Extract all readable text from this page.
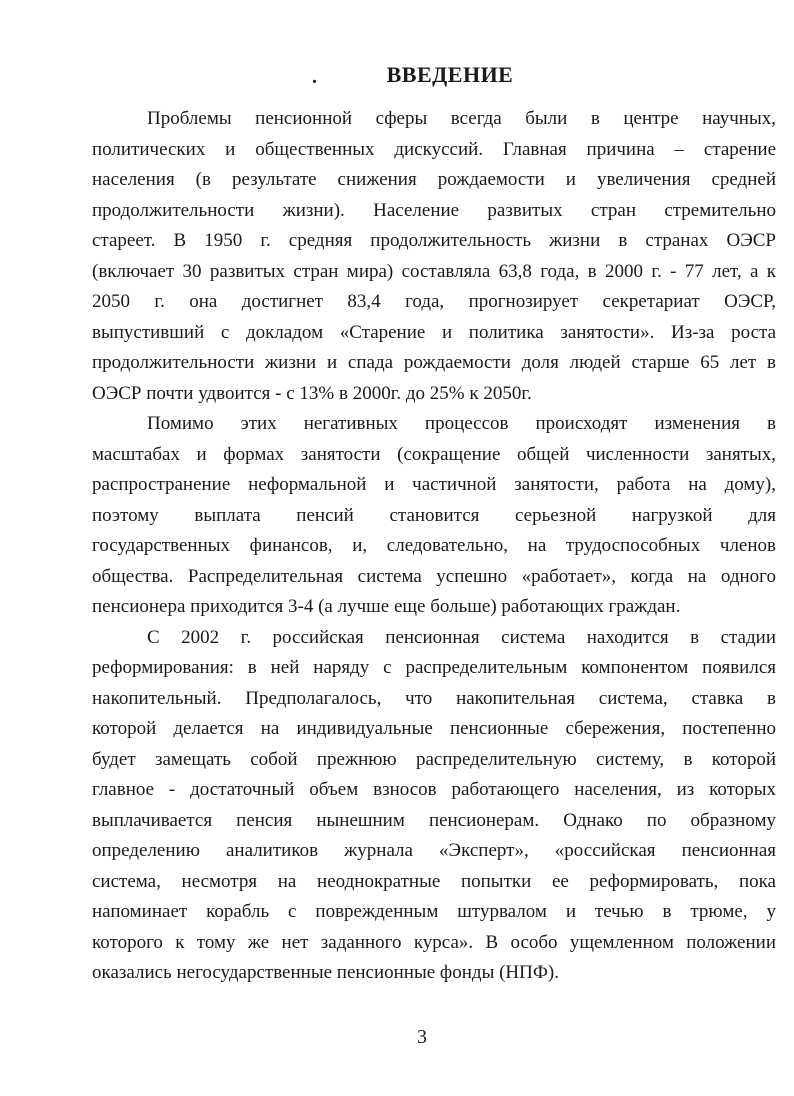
.	ВВЕДЕНИЕ
Проблемы пенсионной сферы всегда были в центре научных,
политических и общественных дискуссий. Главная причина – старение
населения (в результате снижения рождаемости и увеличения средней
продолжительности жизни). Население развитых стран стремительно
стареет. В 1950 г. средняя продолжительность жизни в странах ОЭСР
(включает 30 развитых стран мира) составляла 63,8 года, в 2000 г. - 77 лет, а к
2050 г. она достигнет 83,4 года, прогнозирует секретариат ОЭСР,
выпустивший с докладом «Старение и политика занятости». Из-за роста
продолжительности жизни и спада рождаемости доля людей старше 65 лет в
ОЭСР почти удвоится - с 13% в 2000г. до 25% к 2050г.
Помимо этих негативных процессов происходят изменения в
масштабах и формах занятости (сокращение общей численности занятых,
распространение неформальной и частичной занятости, работа на дому),
поэтому выплата пенсий становится серьезной нагрузкой для
государственных финансов, и, следовательно, на трудоспособных членов
общества. Распределительная система успешно «работает», когда на одного
пенсионера приходится 3-4 (а лучше еще больше) работающих граждан.
С 2002 г. российская пенсионная система находится в стадии
реформирования: в ней наряду с распределительным компонентом появился
накопительный. Предполагалось, что накопительная система, ставка в
которой делается на индивидуальные пенсионные сбережения, постепенно
будет замещать собой прежнюю распределительную систему, в которой
главное - достаточный объем взносов работающего населения, из которых
выплачивается пенсия нынешним пенсионерам. Однако по образному
определению аналитиков журнала «Эксперт», «российская пенсионная
система, несмотря на неоднократные попытки ее реформировать, пока
напоминает корабль с поврежденным штурвалом и течью в трюме, у
которого к тому же нет заданного курса». В особо ущемленном положении
оказались негосударственные пенсионные фонды (НПФ).
3
